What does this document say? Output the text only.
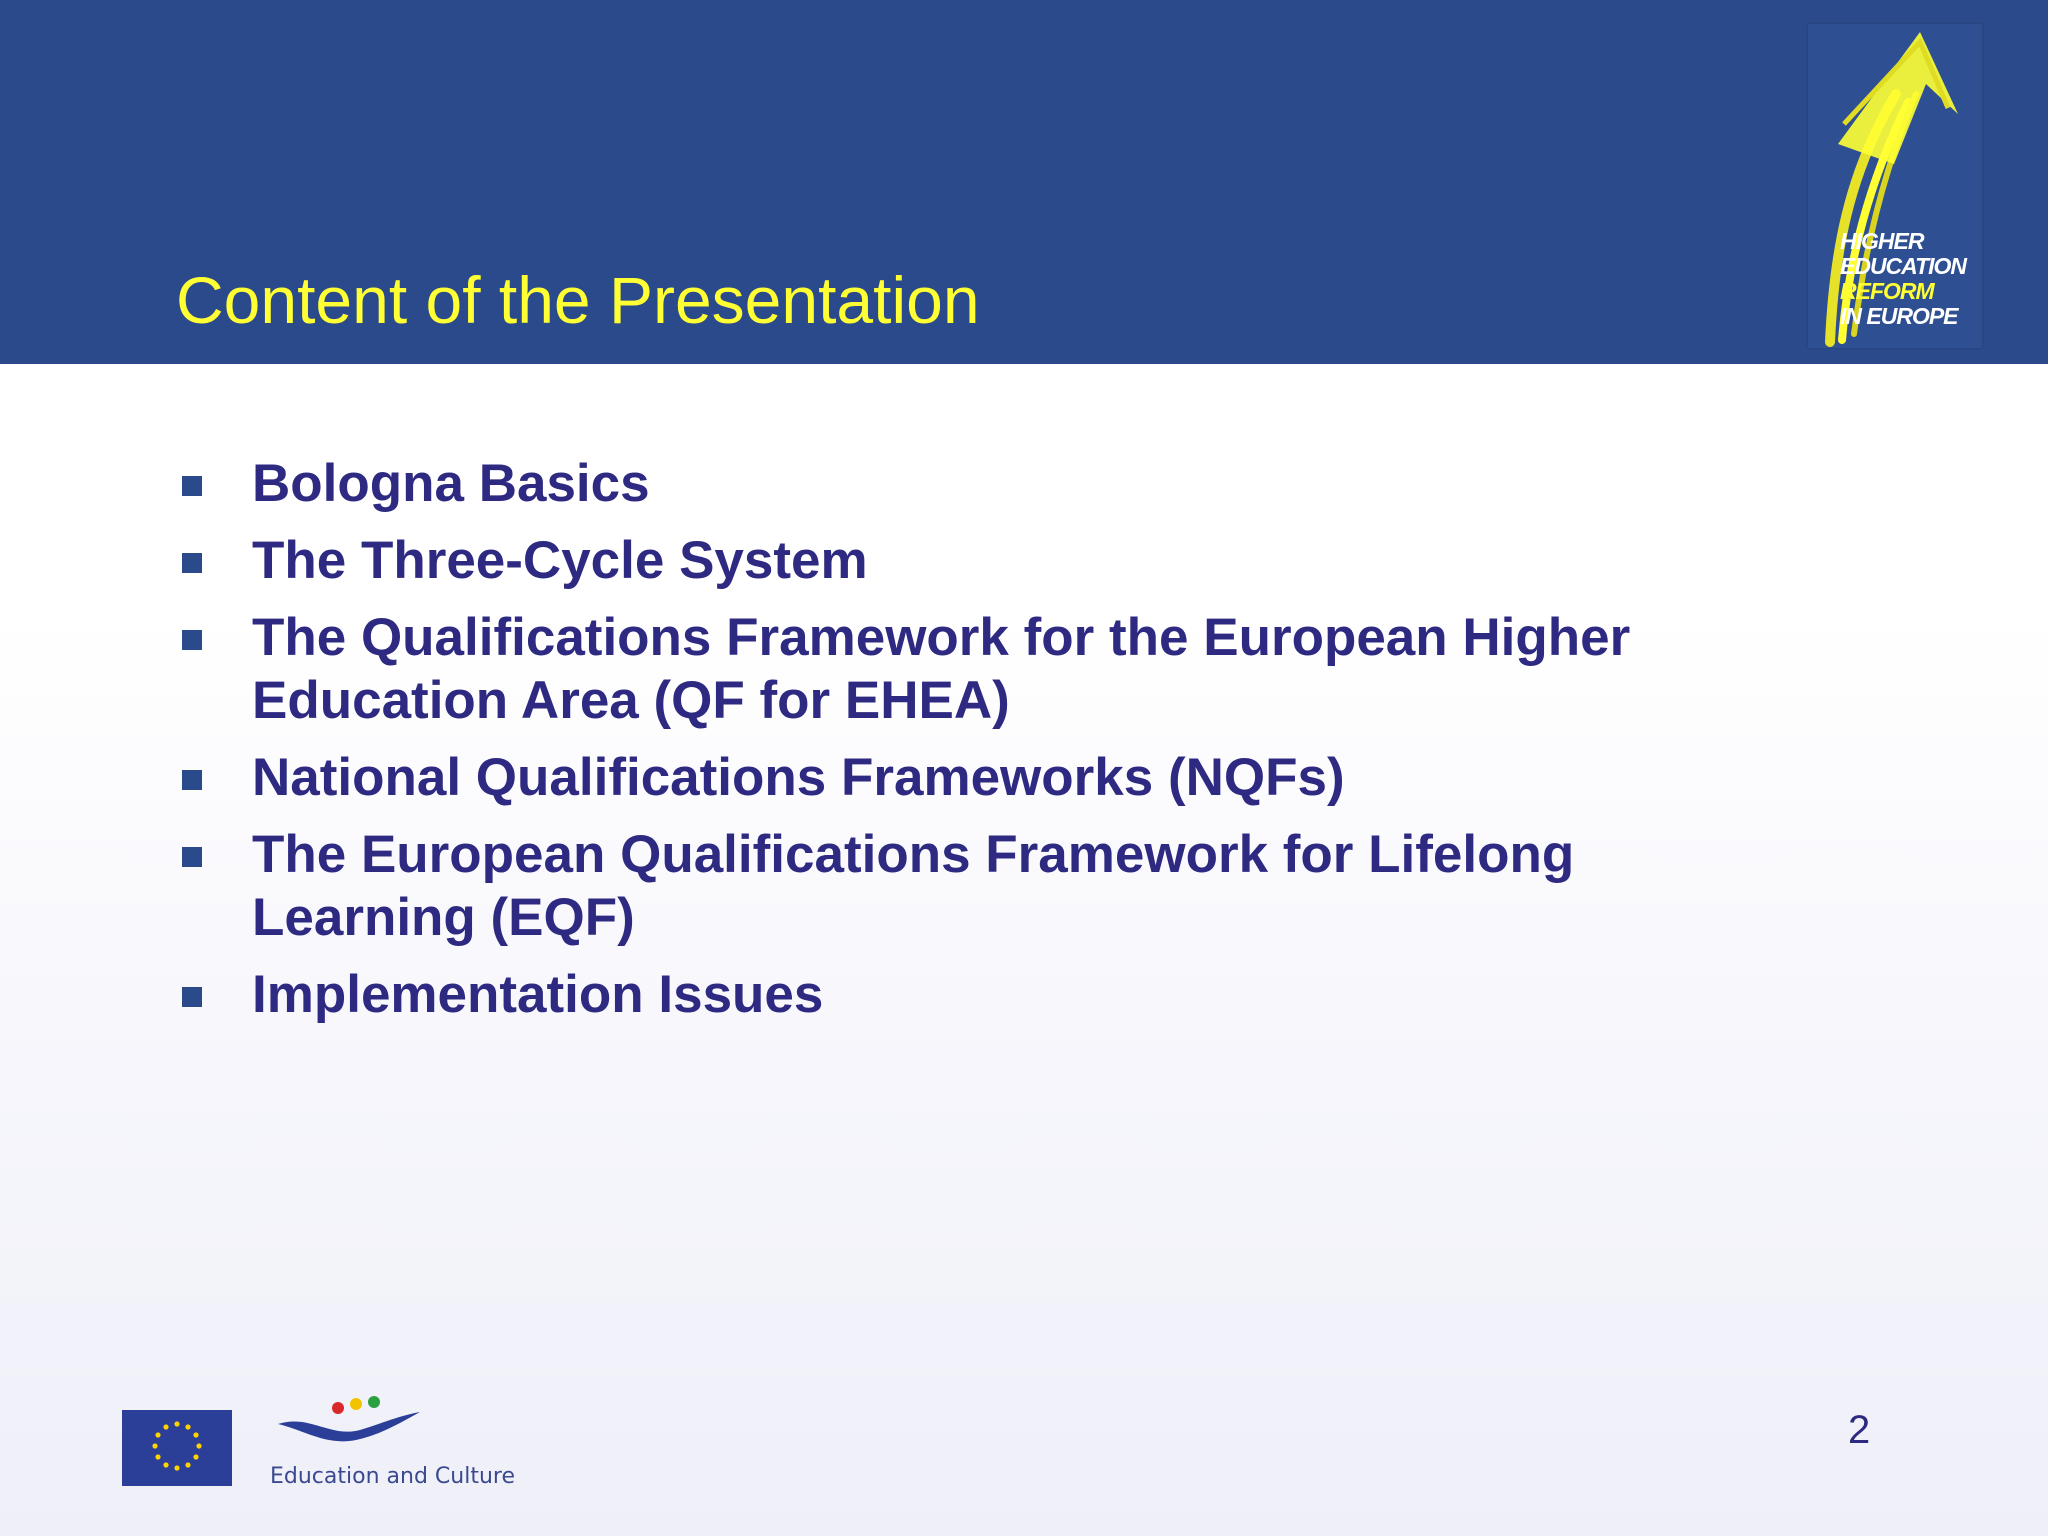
Content of the Presentation
HIGHER
EDUCATION
REFORM
IN EUROPE
Bologna Basics
The Three-Cycle System
The Qualifications Framework for the European Higher Education Area (QF for EHEA)
National Qualifications Frameworks (NQFs)
The European Qualifications Framework for Lifelong Learning (EQF)
Implementation Issues
Education and Culture
2
